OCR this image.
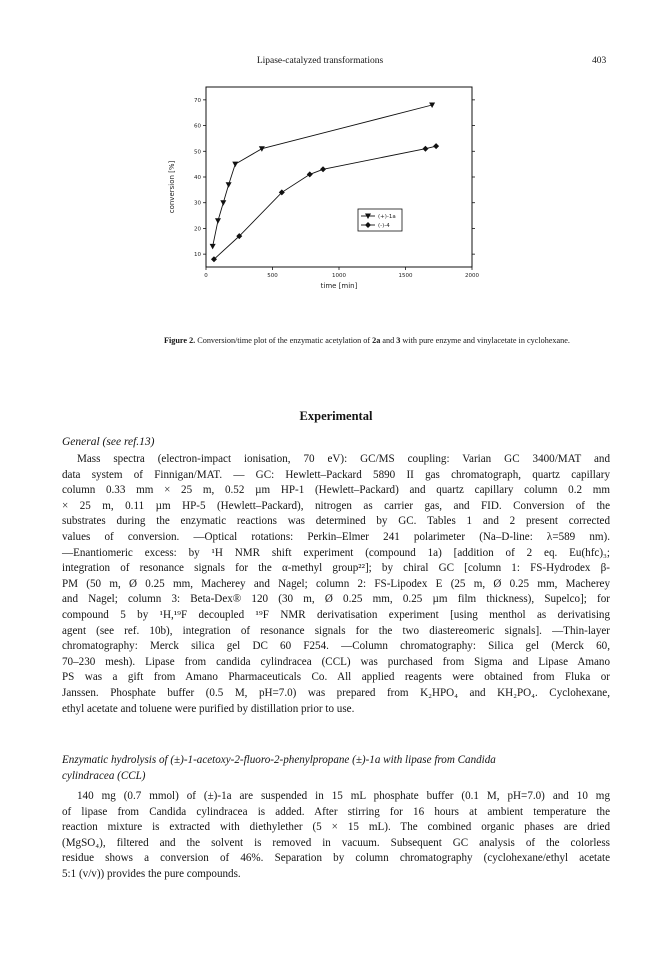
Lipase-catalyzed transformations	403
0	500	1000	1500	2000
10
20
30
40
50
60
70
time [min]
conversion [%]
(+)-1a
(-)-4
Figure 2. Conversion/time plot of the enzymatic acetylation of 2a and 3 with pure enzyme and vinylacetate in cyclohexane.
Experimental
General (see ref.13)
Mass spectra (electron-impact ionisation, 70 eV): GC/MS coupling: Varian GC 3400/MAT and
data system of Finnigan/MAT. — GC: Hewlett–Packard 5890 II gas chromatograph, quartz capillary
column 0.33 mm × 25 m, 0.52 µm HP-1 (Hewlett–Packard) and quartz capillary column 0.2 mm
× 25 m, 0.11 µm HP-5 (Hewlett–Packard), nitrogen as carrier gas, and FID. Conversion of the
substrates during the enzymatic reactions was determined by GC. Tables 1 and 2 present corrected
values of conversion. —Optical rotations: Perkin–Elmer 241 polarimeter (Na–D-line: λ=589 nm).
—Enantiomeric excess: by ¹H NMR shift experiment (compound 1a) [addition of 2 eq. Eu(hfc)₃;
integration of resonance signals for the α-methyl group²²]; by chiral GC [column 1: FS-Hydrodex β-
PM (50 m, Ø 0.25 mm, Macherey and Nagel; column 2: FS-Lipodex E (25 m, Ø 0.25 mm, Macherey
and Nagel; column 3: Beta-Dex® 120 (30 m, Ø 0.25 mm, 0.25 µm film thickness), Supelco]; for
compound 5 by ¹H,¹⁹F decoupled ¹⁹F NMR derivatisation experiment [using menthol as derivatising
agent (see ref. 10b), integration of resonance signals for the two diastereomeric signals]. —Thin-layer
chromatography: Merck silica gel DC 60 F254. —Column chromatography: Silica gel (Merck 60,
70–230 mesh). Lipase from candida cylindracea (CCL) was purchased from Sigma and Lipase Amano
PS was a gift from Amano Pharmaceuticals Co. All applied reagents were obtained from Fluka or
Janssen. Phosphate buffer (0.5 M, pH=7.0) was prepared from K₂HPO₄ and KH₂PO₄. Cyclohexane,
ethyl acetate and toluene were purified by distillation prior to use.
Enzymatic hydrolysis of (±)-1-acetoxy-2-fluoro-2-phenylpropane (±)-1a with lipase from Candida
cylindracea (CCL)
140 mg (0.7 mmol) of (±)-1a are suspended in 15 mL phosphate buffer (0.1 M, pH=7.0) and 10 mg
of lipase from Candida cylindracea is added. After stirring for 16 hours at ambient temperature the
reaction mixture is extracted with diethylether (5 × 15 mL). The combined organic phases are dried
(MgSO₄), filtered and the solvent is removed in vacuum. Subsequent GC analysis of the colorless
residue shows a conversion of 46%. Separation by column chromatography (cyclohexane/ethyl acetate
5:1 (v/v)) provides the pure compounds.
